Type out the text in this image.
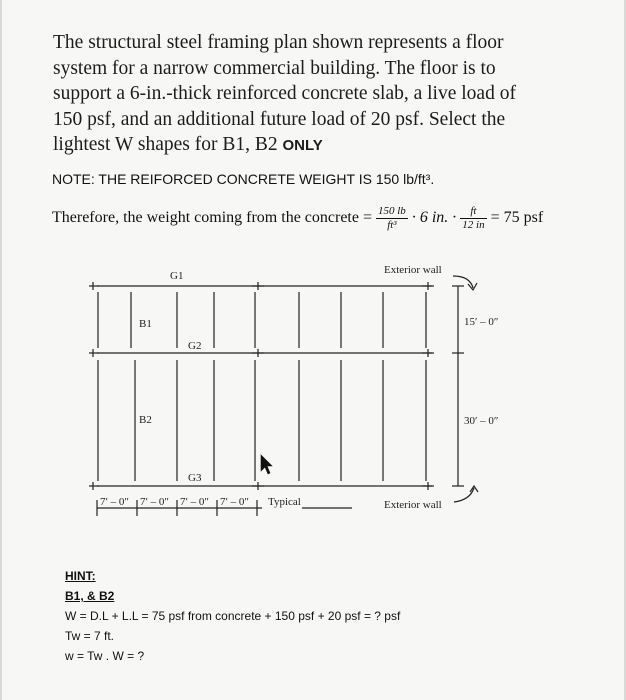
The structural steel framing plan shown represents a floor
system for a narrow commercial building. The floor is to
support a 6-in.-thick reinforced concrete slab, a live load of
150 psf, and an additional future load of 20 psf. Select the
lightest W shapes for B1, B2 ONLY
NOTE: THE REIFORCED CONCRETE WEIGHT IS 150 lb/ft³.
Therefore, the weight coming from the concrete = $\frac{150 lb}{\text{ft³}} \cdot 6$ in. · $\frac{ft}{12 in} = 75$ psf
Exterior wall
Exterior wall
G1
G2
G3
B1
B2
15′ – 0″
30′ – 0″
7′ – 0″ 7′ – 0″ 7′ – 0″ 7′ – 0″ Typical
HINT:
B1, & B2
W = D.L + L.L = 75 psf from concrete + 150 psf + 20 psf = ? psf
Tw = 7 ft.
w = Tw . W = ?
